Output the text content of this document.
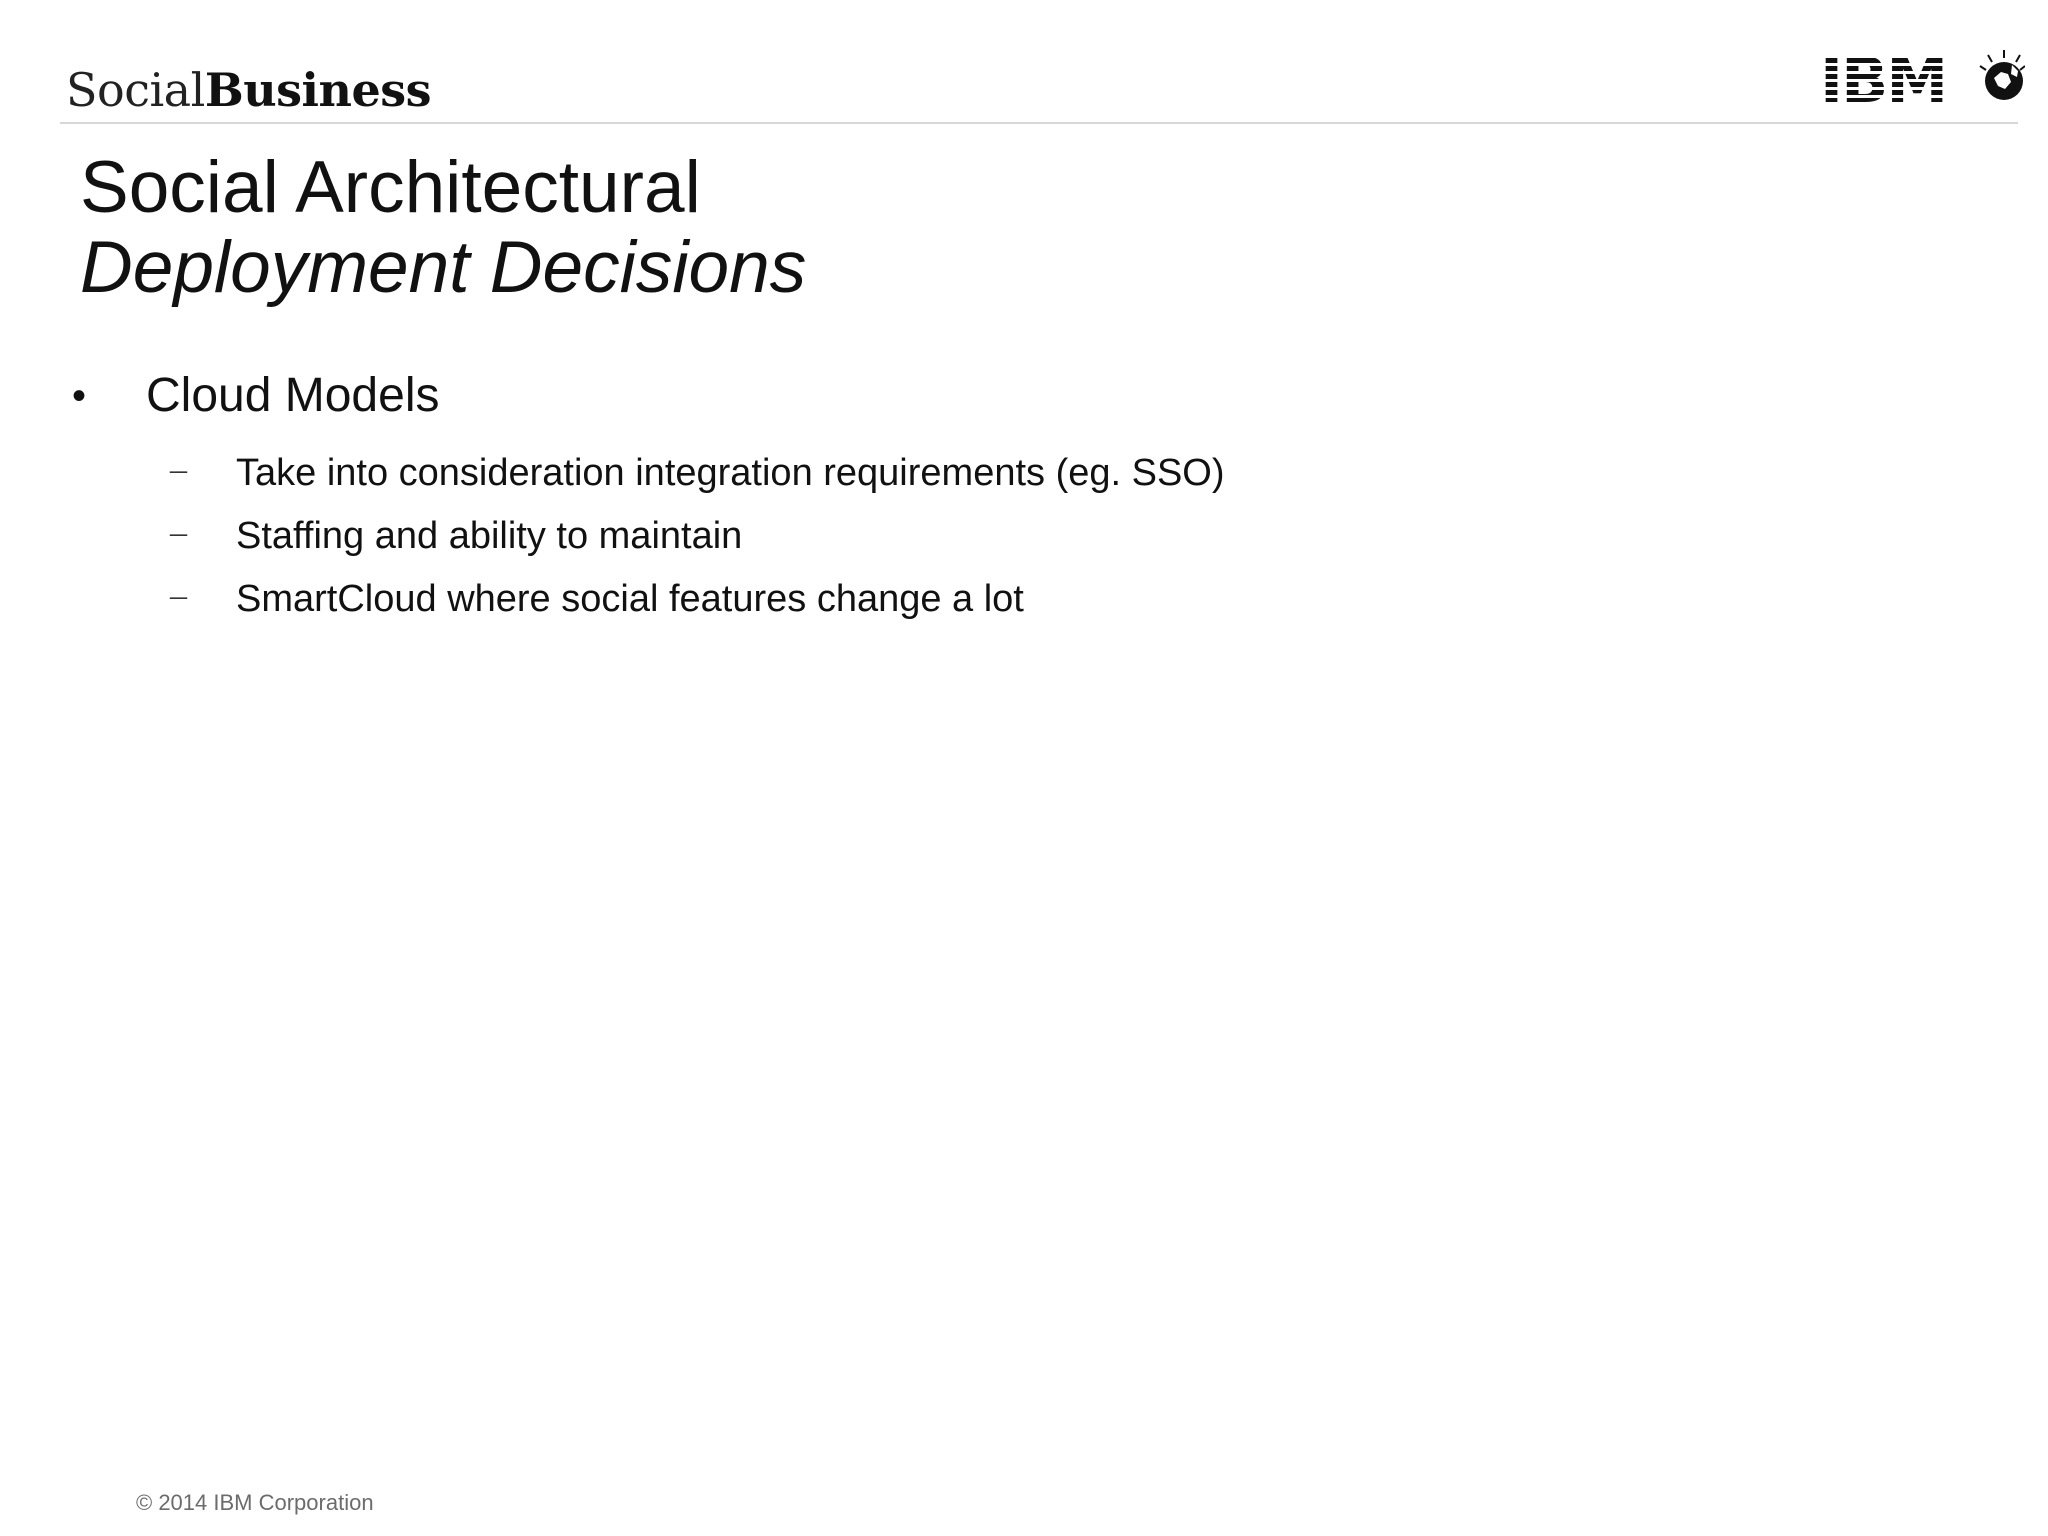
SocialBusiness	IBM
Social Architectural
Deployment Decisions
• Cloud Models
– Take into consideration integration requirements (eg. SSO)
– Staffing and ability to maintain
– SmartCloud where social features change a lot
© 2014 IBM Corporation
